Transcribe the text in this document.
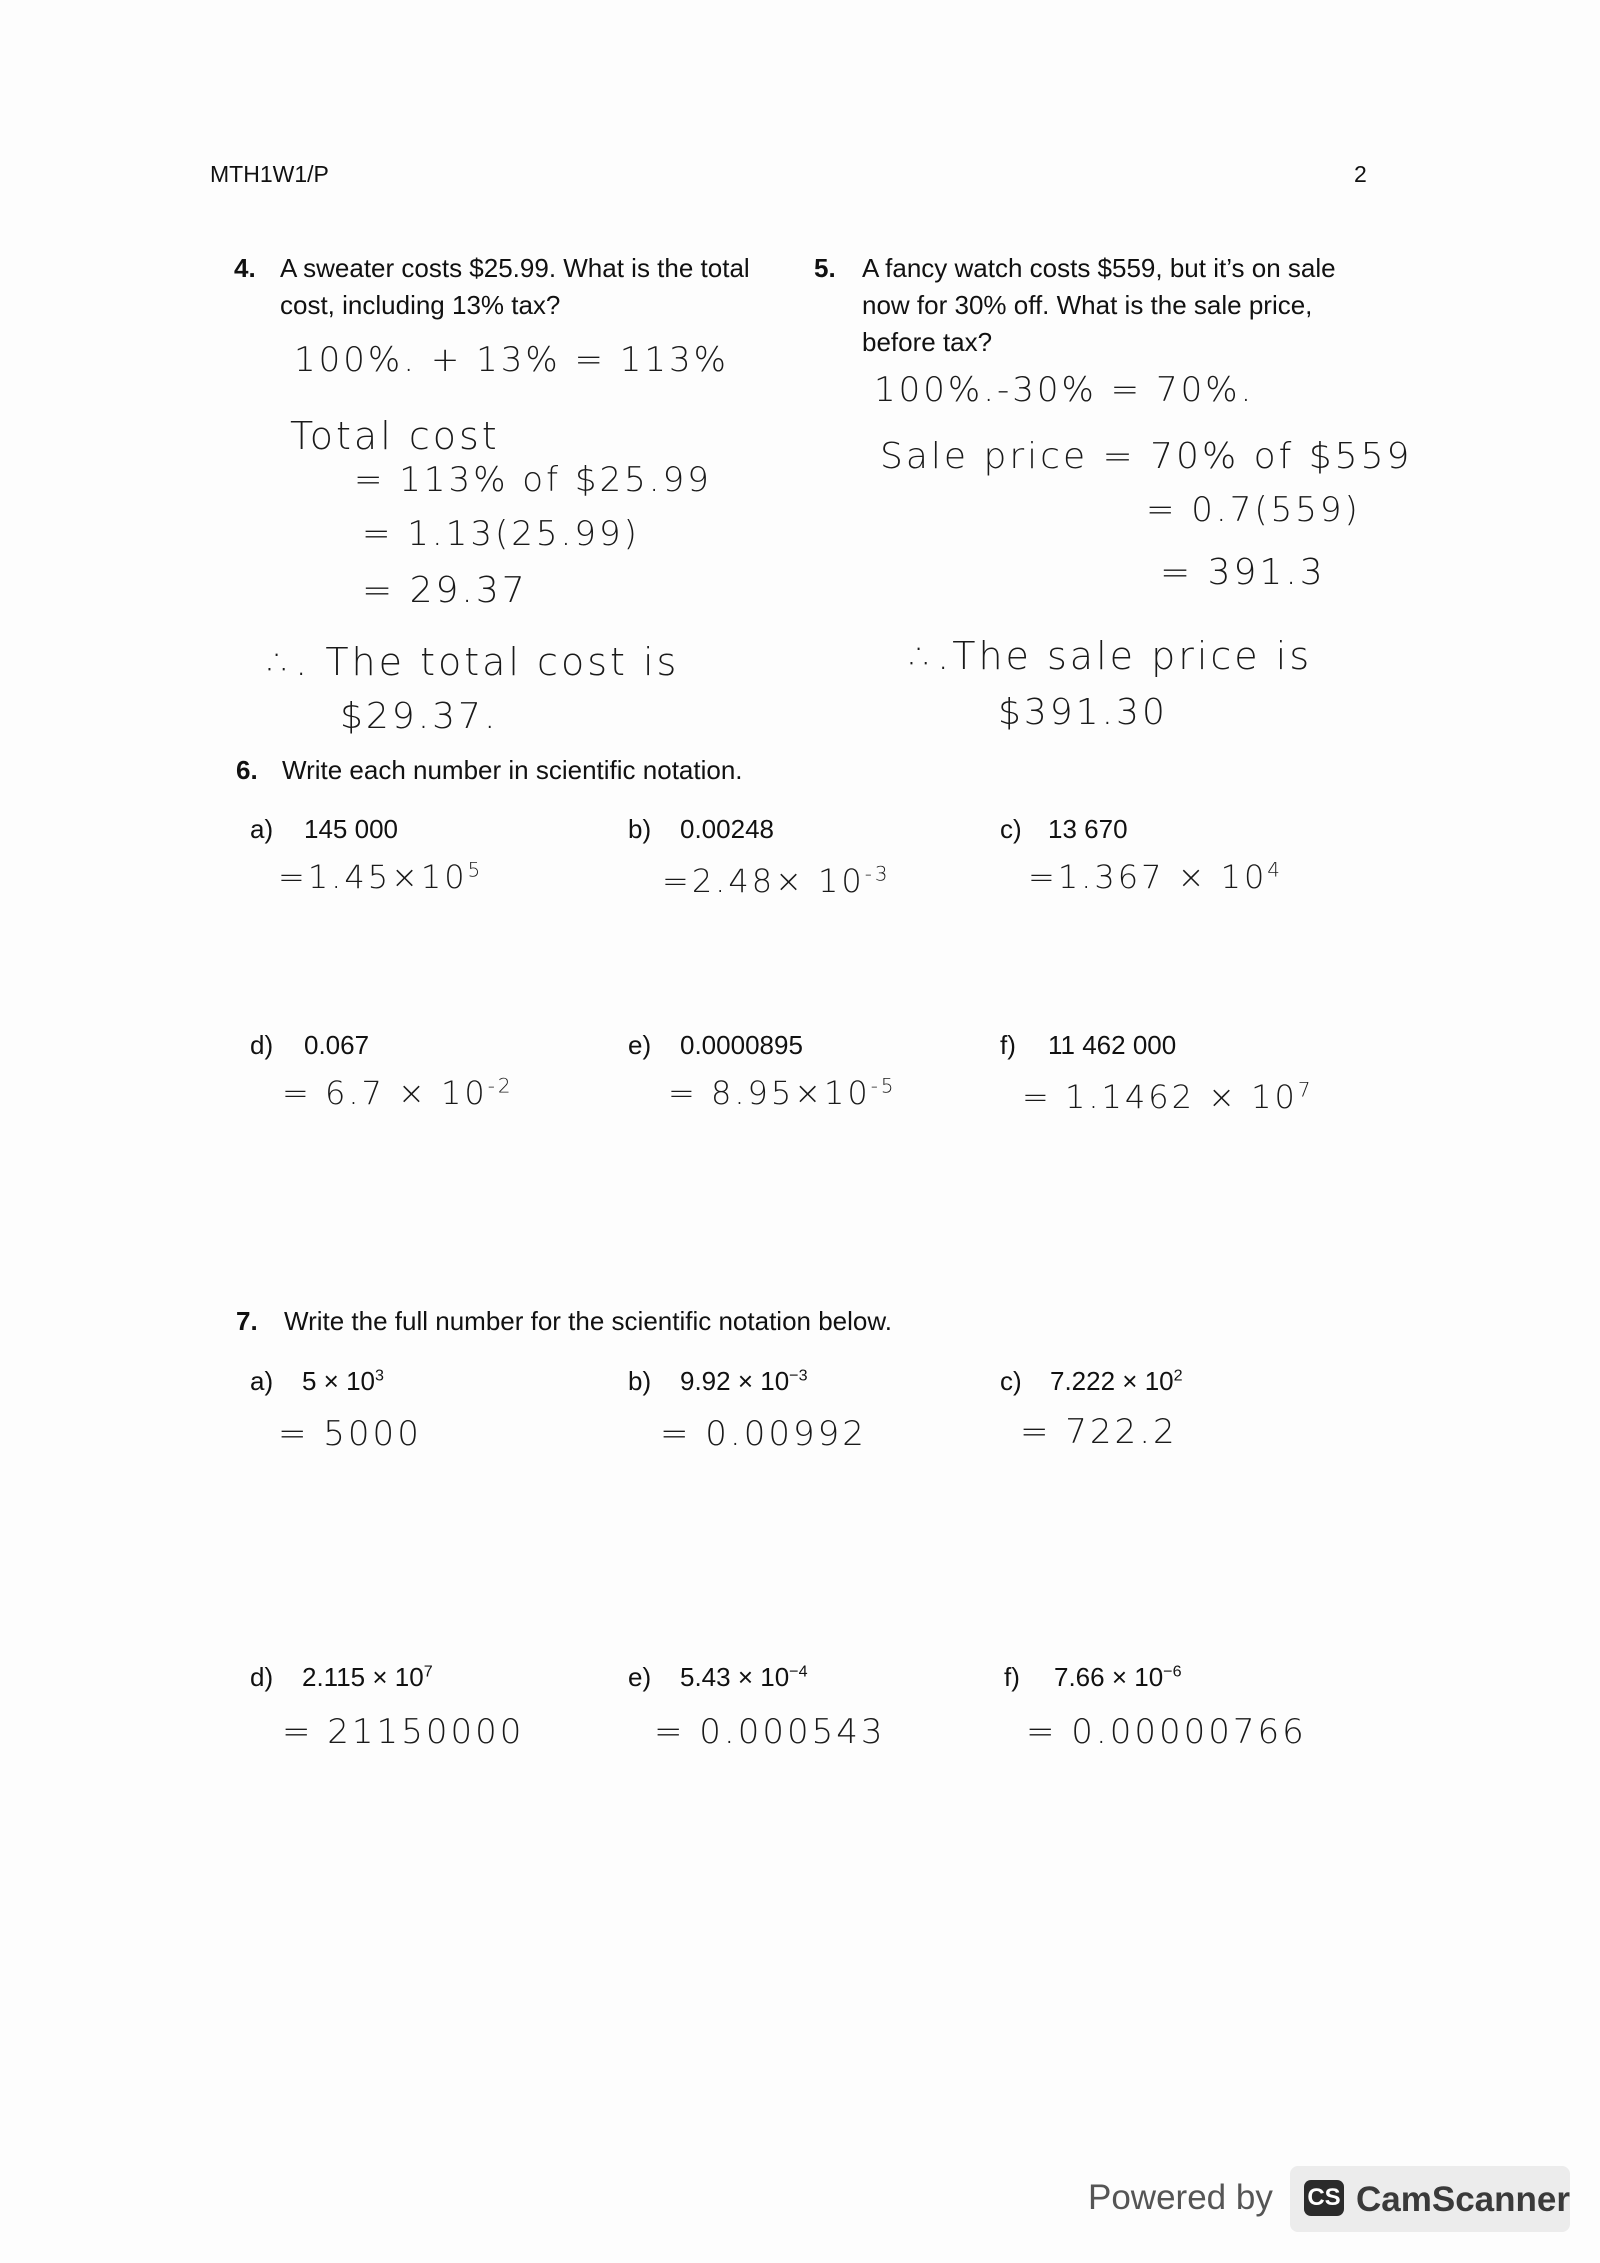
MTH1W1/P	2
4. A sweater costs $25.99. What is the total
cost, including 13% tax?
100%. + 13% = 113%
Total cost
= 113% of $25.99
= 1.13(25.99)
= 29.37
∴. The total cost is
$29.37.
5. A fancy watch costs $559, but it’s on sale
now for 30% off. What is the sale price,
before tax?
100%.-30% = 70%.
Sale price = 70% of $559
= 0.7(559)
= 391.3
∴.The sale price is
$391.30
6. Write each number in scientific notation.
a) 145 000
$=1.45\times 10^5$
b) 0.00248
$=2.48\times 10^{-3}$
c) 13 670
$=1.367 \times 10^4$
d) 0.067
= $6.7 \times 10^{-2}$
e) 0.0000895
= $8.95\times 10^{-5}$
f) 11 462 000
= $1.1462 \times 10^7$
7. Write the full number for the scientific notation below.
a) $5 \times 10^3$
= 5000
b) $9.92 \times 10^{-3}$
= 0.00992
c) $7.222 \times 10^2$
= 722.2
d) $2.115 \times 10^7$
= 21150000
e) $5.43 \times 10^{-4}$
= 0.000543
f) $7.66 \times 10^{-6}$
= 0.00000766
Powered by CS CamScanner
